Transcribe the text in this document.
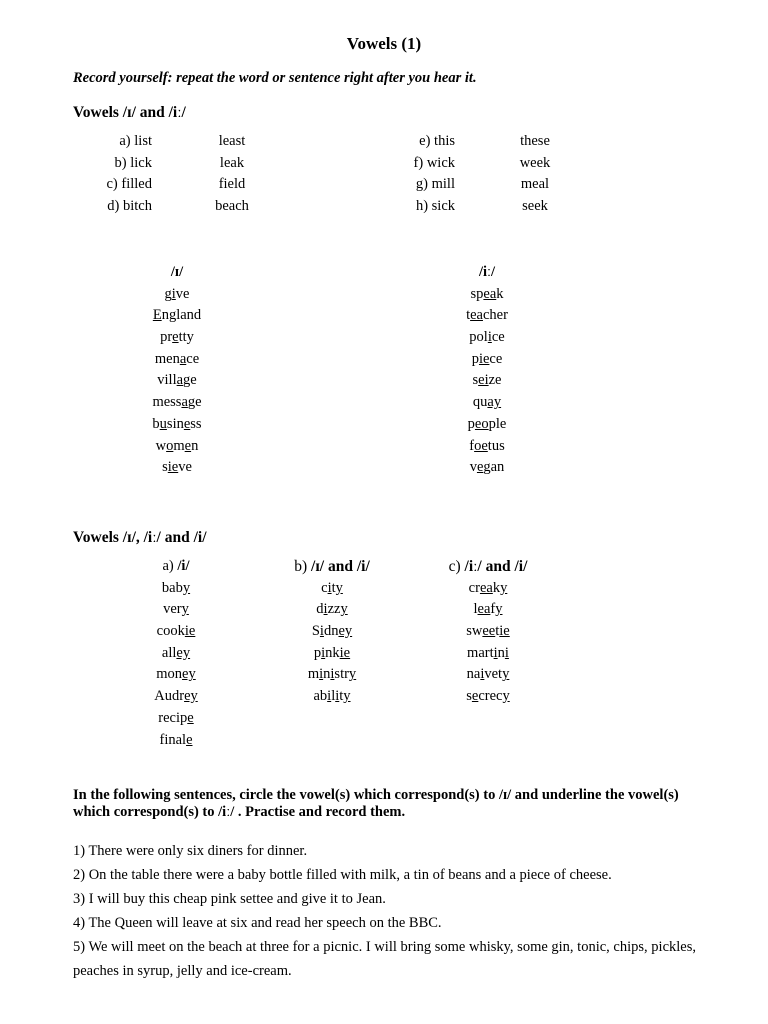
Vowels (1)
Record yourself: repeat the word or sentence right after you hear it.
Vowels /ɪ/ and /iː/
a) list	least
b) lick	leak
c) filled	field
d) bitch	beach
e) this	these
f) wick	week
g) mill	meal
h) sick	seek
/ɪ/
give
England
pretty
menace
village
message
business
women
sieve
/iː/
speak
teacher
police
piece
seize
quay
people
foetus
vegan
Vowels /ɪ/, /iː/ and /i/
a) /i/
baby
very
cookie
alley
money
Audrey
recipe
finale
b) /ɪ/ and /i/
city
dizzy
Sidney
pinkie
ministry
ability
c) /iː/ and /i/
creaky
leafy
sweetie
martini
naivety
secrecy
In the following sentences, circle the vowel(s) which correspond(s) to /ɪ/ and underline the vowel(s) which correspond(s) to /iː/ . Practise and record them.
1) There were only six diners for dinner.
2) On the table there were a baby bottle filled with milk, a tin of beans and a piece of cheese.
3) I will buy this cheap pink settee and give it to Jean.
4) The Queen will leave at six and read her speech on the BBC.
5) We will meet on the beach at three for a picnic. I will bring some whisky, some gin, tonic, chips, pickles, peaches in syrup, jelly and ice-cream.
